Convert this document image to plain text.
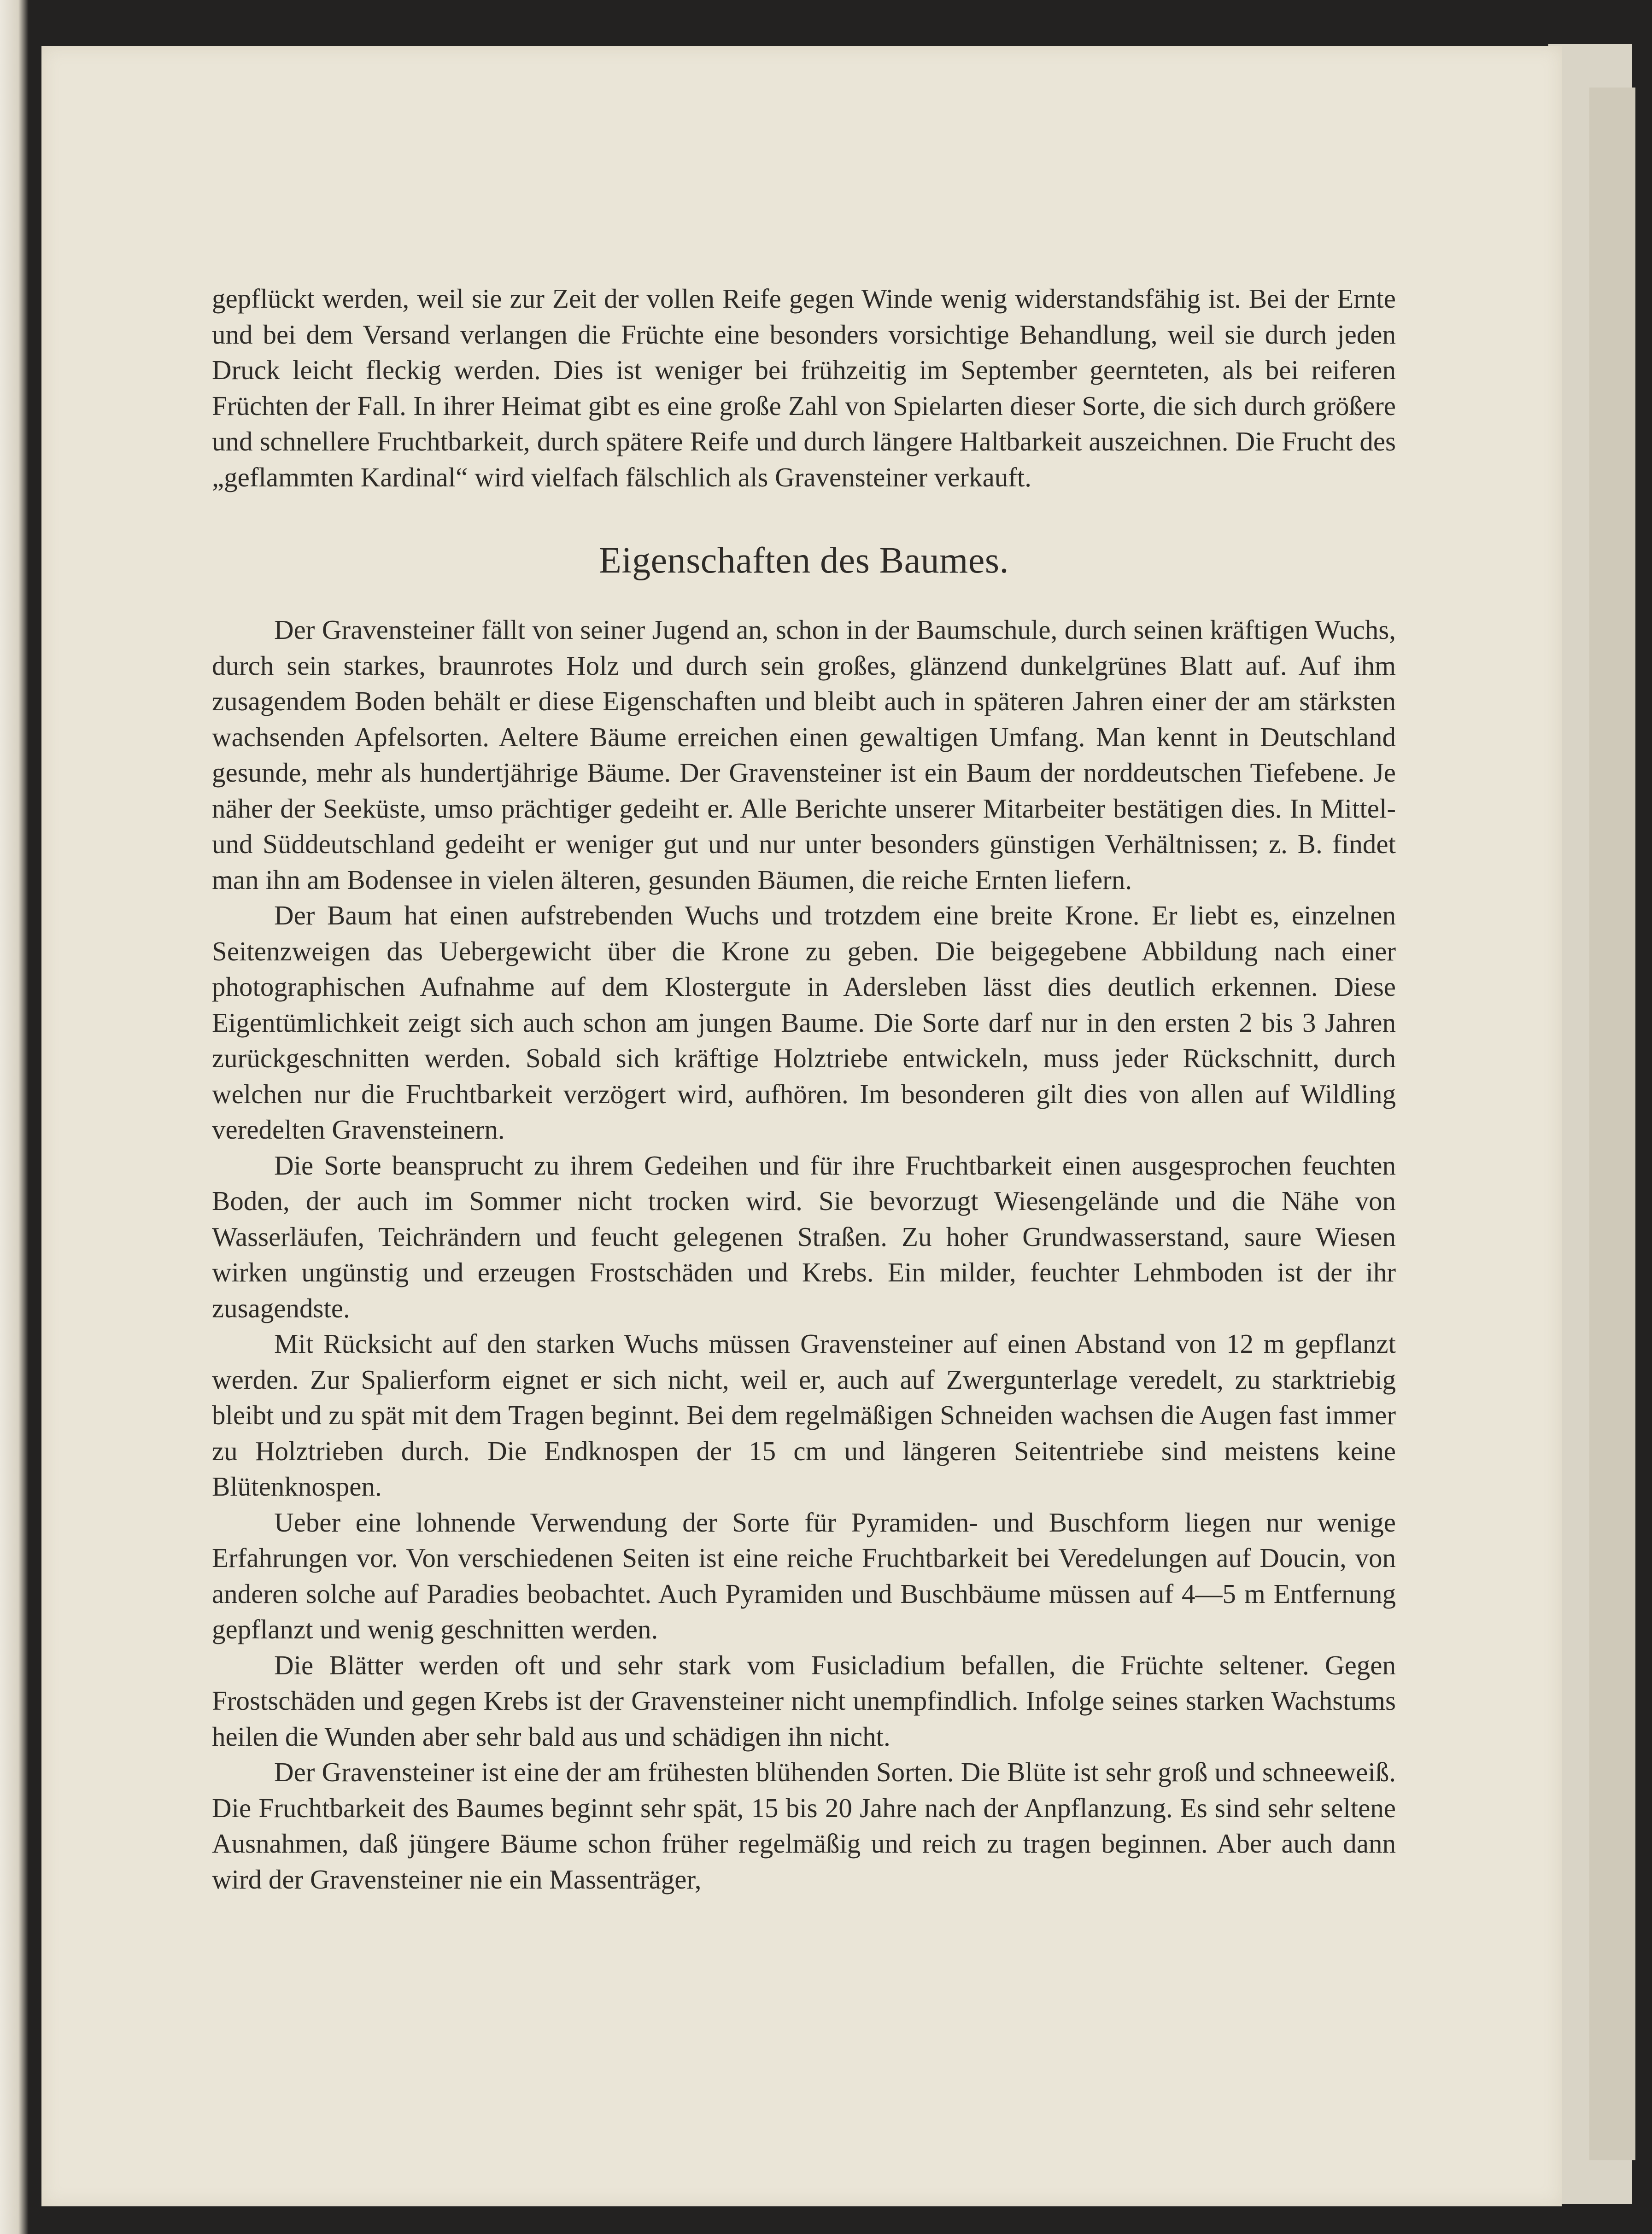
gepflückt werden, weil sie zur Zeit der vollen Reife gegen Winde wenig widerstandsfähig ist. Bei der Ernte und bei dem Versand verlangen die Früchte eine besonders vorsichtige Behandlung, weil sie durch jeden Druck leicht fleckig werden. Dies ist weniger bei frühzeitig im September geernteten, als bei reiferen Früchten der Fall. In ihrer Heimat gibt es eine große Zahl von Spielarten dieser Sorte, die sich durch größere und schnellere Fruchtbarkeit, durch spätere Reife und durch längere Haltbarkeit auszeichnen. Die Frucht des „geflammten Kardinal“ wird vielfach fälschlich als Gravensteiner verkauft.

Eigenschaften des Baumes.

Der Gravensteiner fällt von seiner Jugend an, schon in der Baumschule, durch seinen kräftigen Wuchs, durch sein starkes, braunrotes Holz und durch sein großes, glänzend dunkelgrünes Blatt auf. Auf ihm zusagendem Boden behält er diese Eigenschaften und bleibt auch in späteren Jahren einer der am stärksten wachsenden Apfelsorten. Aeltere Bäume erreichen einen gewaltigen Umfang. Man kennt in Deutschland gesunde, mehr als hundertjährige Bäume. Der Gravensteiner ist ein Baum der norddeutschen Tiefebene. Je näher der Seeküste, umso prächtiger gedeiht er. Alle Berichte unserer Mitarbeiter bestätigen dies. In Mittel- und Süddeutschland gedeiht er weniger gut und nur unter besonders günstigen Verhältnissen; z. B. findet man ihn am Bodensee in vielen älteren, gesunden Bäumen, die reiche Ernten liefern.

Der Baum hat einen aufstrebenden Wuchs und trotzdem eine breite Krone. Er liebt es, einzelnen Seitenzweigen das Uebergewicht über die Krone zu geben. Die beigegebene Abbildung nach einer photographischen Aufnahme auf dem Klostergute in Adersleben lässt dies deutlich erkennen. Diese Eigentümlichkeit zeigt sich auch schon am jungen Baume. Die Sorte darf nur in den ersten 2 bis 3 Jahren zurückgeschnitten werden. Sobald sich kräftige Holztriebe entwickeln, muss jeder Rückschnitt, durch welchen nur die Fruchtbarkeit verzögert wird, aufhören. Im besonderen gilt dies von allen auf Wildling veredelten Gravensteinern.

Die Sorte beansprucht zu ihrem Gedeihen und für ihre Fruchtbarkeit einen ausgesprochen feuchten Boden, der auch im Sommer nicht trocken wird. Sie bevorzugt Wiesengelände und die Nähe von Wasserläufen, Teichrändern und feucht gelegenen Straßen. Zu hoher Grundwasserstand, saure Wiesen wirken ungünstig und erzeugen Frostschäden und Krebs. Ein milder, feuchter Lehmboden ist der ihr zusagendste.

Mit Rücksicht auf den starken Wuchs müssen Gravensteiner auf einen Abstand von 12 m gepflanzt werden. Zur Spalierform eignet er sich nicht, weil er, auch auf Zwergunterlage veredelt, zu starktriebig bleibt und zu spät mit dem Tragen beginnt. Bei dem regelmäßigen Schneiden wachsen die Augen fast immer zu Holztrieben durch. Die Endknospen der 15 cm und längeren Seitentriebe sind meistens keine Blütenknospen.

Ueber eine lohnende Verwendung der Sorte für Pyramiden- und Buschform liegen nur wenige Erfahrungen vor. Von verschiedenen Seiten ist eine reiche Fruchtbarkeit bei Veredelungen auf Doucin, von anderen solche auf Paradies beobachtet. Auch Pyramiden und Buschbäume müssen auf 4—5 m Entfernung gepflanzt und wenig geschnitten werden.

Die Blätter werden oft und sehr stark vom Fusicladium befallen, die Früchte seltener. Gegen Frostschäden und gegen Krebs ist der Gravensteiner nicht unempfindlich. Infolge seines starken Wachstums heilen die Wunden aber sehr bald aus und schädigen ihn nicht.

Der Gravensteiner ist eine der am frühesten blühenden Sorten. Die Blüte ist sehr groß und schneeweiß. Die Fruchtbarkeit des Baumes beginnt sehr spät, 15 bis 20 Jahre nach der Anpflanzung. Es sind sehr seltene Ausnahmen, daß jüngere Bäume schon früher regelmäßig und reich zu tragen beginnen. Aber auch dann wird der Gravensteiner nie ein Massenträger,
